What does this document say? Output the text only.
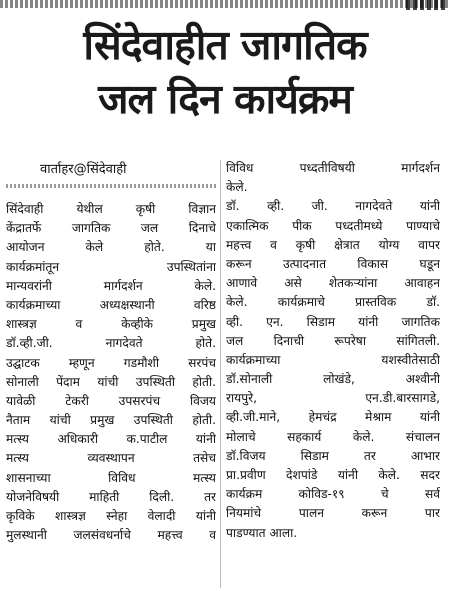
सिंदेवाहीत जागतिक
जल दिन कार्यक्रम
वार्ताहर@सिंदेवाही
सिंदेवाही येथील कृषी विज्ञान
केंद्रातर्फे जागतिक जल दिनाचे
आयोजन केले होते. या
कार्यक्रमांतून उपस्थितांना
मान्यवरांनी मार्गदर्शन केले.
कार्यक्रमाच्या अध्यक्षस्थानी वरिष्ठ
शास्त्रज्ञ व केव्हीके प्रमुख
डॉ.व्ही.जी. नागदेवते होते.
उद्घाटक म्हणून गडमौशी सरपंच
सोनाली पेंदाम यांची उपस्थिती होती.
यावेळी टेकरी उपसरपंच विजय
नैताम यांची प्रमुख उपस्थिती होती.
मत्स्य अधिकारी क.पाटील यांनी
मत्स्य व्यवस्थापन तसेच
शासनाच्या विविध मत्स्य
योजनेविषयी माहिती दिली. तर
कृविके शास्त्रज्ञ स्नेहा वेलादी यांनी
मुलस्थानी जलसंवधर्नाचे महत्त्व व
विविध पध्दतीविषयी मार्गदर्शन
केले.
डॉ. व्ही. जी. नागदेवते यांनी
एकात्मिक पीक पध्दतीमध्ये पाण्याचे
महत्त्व व कृषी क्षेत्रात योग्य वापर
करून उत्पादनात विकास घडून
आणावे असे शेतकऱ्यांना आवाहन
केले. कार्यक्रमाचे प्रास्तविक डॉ.
व्ही. एन. सिडाम यांनी जागतिक
जल दिनाची रूपरेषा सांगितली.
कार्यक्रमाच्या यशस्वीतेसाठी
डॉ.सोनाली लोखंडे, अश्वीनी
रायपुरे, एन.डी.बारसागडे,
व्ही.जी.माने, हेमचंद्र मेश्राम यांनी
मोलाचे सहकार्य केले. संचालन
डॉ.विजय सिडाम तर आभार
प्रा.प्रवीण देशपांडे यांनी केले. सदर
कार्यक्रम कोविड-१९ चे सर्व
नियमांचे पालन करून पार
पाडण्यात आला.
